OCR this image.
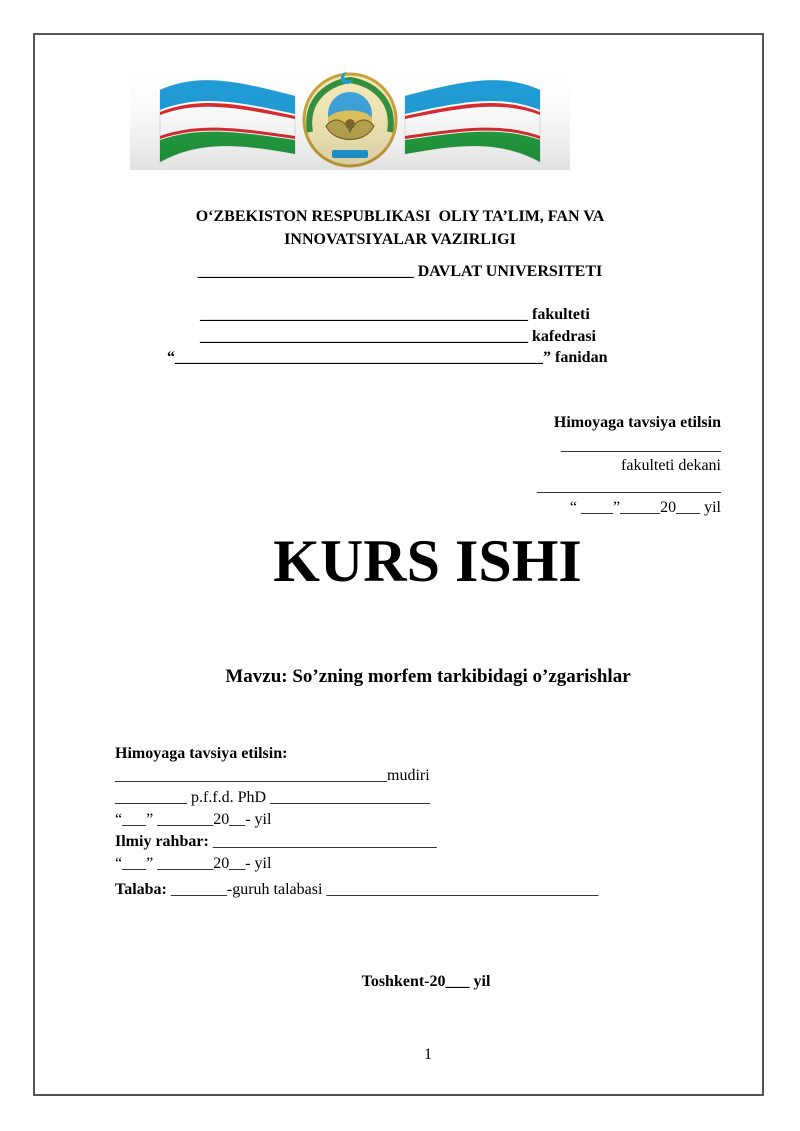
O‘ZBEKISTON RESPUBLIKASI  OLIY TA’LIM, FAN VA
INNOVATSIYALAR VAZIRLIGI
___________________________ DAVLAT UNIVERSITETI
_________________________________________ fakulteti
_________________________________________ kafedrasi
“______________________________________________” fanidan
Himoyaga tavsiya etilsin
____________________
fakulteti dekani
_______________________
“ ____”_____20___ yil
KURS ISHI
Mavzu: So’zning morfem tarkibidagi o’zgarishlar
Himoyaga tavsiya etilsin:
__________________________________mudiri
_________ p.f.f.d. PhD ____________________
“___” _______20__- yil
Ilmiy rahbar: ____________________________
“___” _______20__- yil
Talaba: _______-guruh talabasi __________________________________
Toshkent-20___ yil
1
